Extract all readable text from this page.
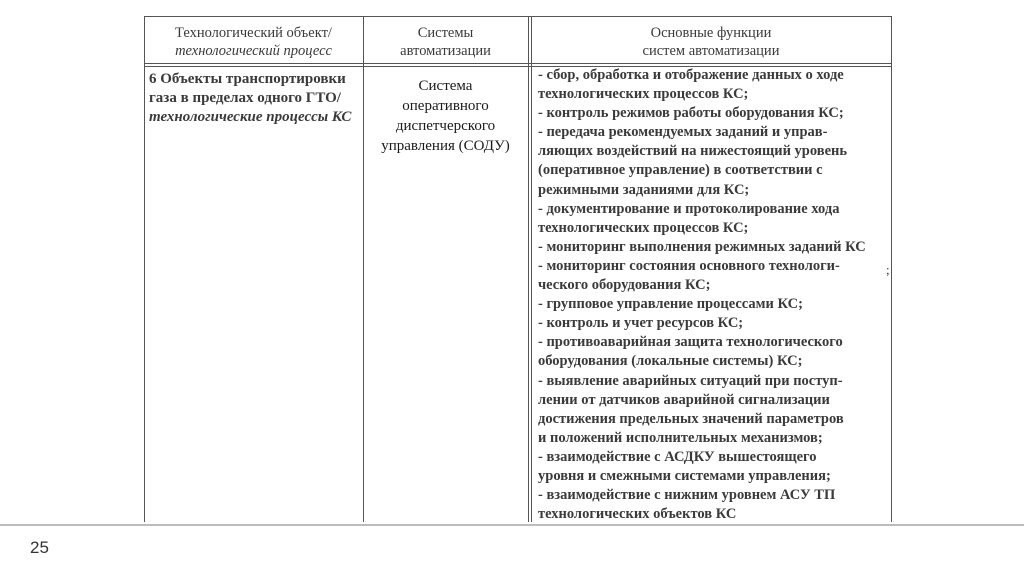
Технологический объект/
технологический процесс
Системы
автоматизации
Основные функции
систем автоматизации
6 Объекты транспортировки
газа в пределах одного ГТО/
технологические процессы КС
Система
оперативного
диспетчерского
управления (СОДУ)
- сбор, обработка и отображение данных о ходе
технологических процессов КС;
- контроль режимов работы оборудования КС;
- передача рекомендуемых заданий и управ-
ляющих воздействий на нижестоящий уровень
(оперативное управление) в соответствии с
режимными заданиями для КС;
- документирование и протоколирование хода
технологических процессов КС;
- мониторинг выполнения режимных заданий КС
- мониторинг состояния основного технологи-
ческого оборудования КС;
- групповое управление процессами КС;
- контроль и учет ресурсов КС;
- противоаварийная защита технологического
оборудования (локальные системы) КС;
- выявление аварийных ситуаций при поступ-
лении от датчиков аварийной сигнализации
достижения предельных значений параметров
и положений исполнительных механизмов;
- взаимодействие с АСДКУ вышестоящего
уровня и смежными системами управления;
- взаимодействие с нижним уровнем АСУ ТП
технологических объектов КС
;
25
